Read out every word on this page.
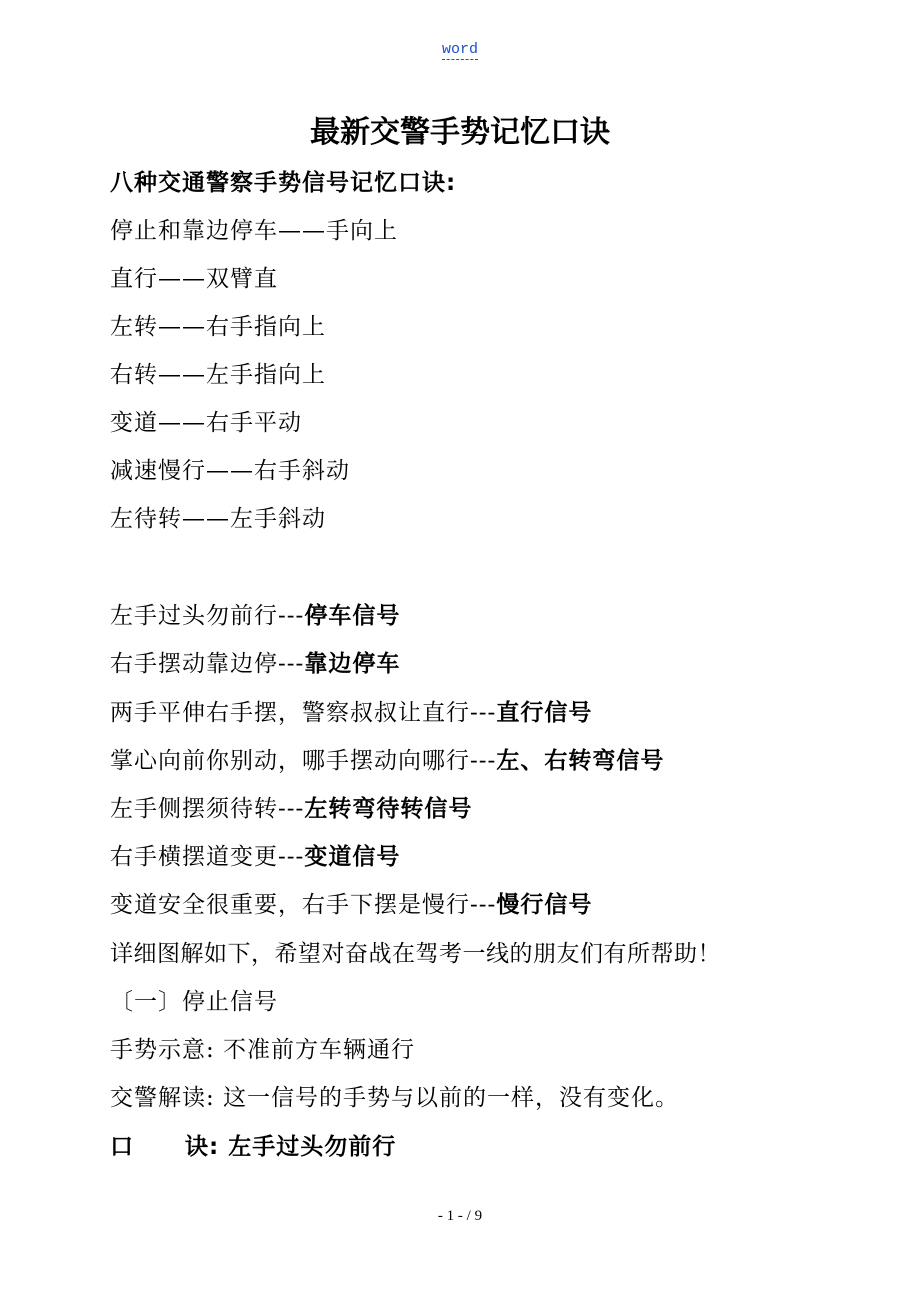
word
最新交警手势记忆口诀
八种交通警察手势信号记忆口诀:
停止和靠边停车——手向上
直行——双臂直
左转——右手指向上
右转——左手指向上
变道——右手平动
减速慢行——右手斜动
左待转——左手斜动
左手过头勿前行---停车信号
右手摆动靠边停---靠边停车
两手平伸右手摆，警察叔叔让直行---直行信号
掌心向前你别动，哪手摆动向哪行---左、右转弯信号
左手侧摆须待转---左转弯待转信号
右手横摆道变更---变道信号
变道安全很重要，右手下摆是慢行---慢行信号
详细图解如下，希望对奋战在驾考一线的朋友们有所帮助！
〔一〕停止信号
手势示意: 不准前方车辆通行
交警解读: 这一信号的手势与以前的一样，没有变化。
口 诀: 左手过头勿前行
- 1 - / 9
